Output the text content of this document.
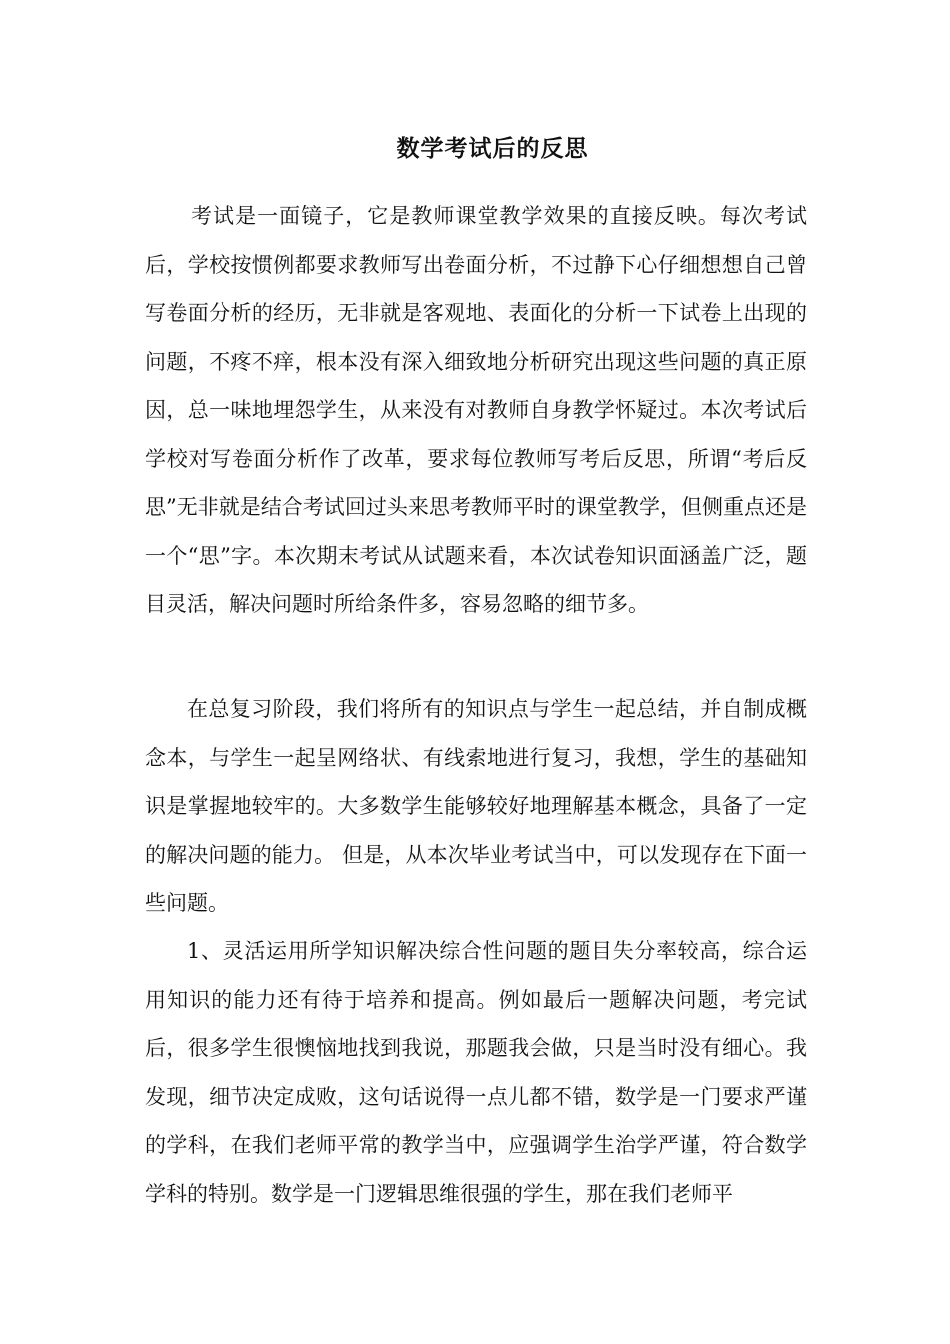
数学考试后的反思

考试是一面镜子，它是教师课堂教学效果的直接反映。每次考试后，学校按惯例都要求教师写出卷面分析，不过静下心仔细想想自己曾写卷面分析的经历，无非就是客观地、表面化的分析一下试卷上出现的问题，不疼不痒，根本没有深入细致地分析研究出现这些问题的真正原因，总一味地埋怨学生，从来没有对教师自身教学怀疑过。本次考试后学校对写卷面分析作了改革，要求每位教师写考后反思，所谓“考后反思”无非就是结合考试回过头来思考教师平时的课堂教学，但侧重点还是一个“思”字。本次期末考试从试题来看，本次试卷知识面涵盖广泛，题目灵活，解决问题时所给条件多，容易忽略的细节多。

在总复习阶段，我们将所有的知识点与学生一起总结，并自制成概念本，与学生一起呈网络状、有线索地进行复习，我想，学生的基础知识是掌握地较牢的。大多数学生能够较好地理解基本概念，具备了一定的解决问题的能力。 但是，从本次毕业考试当中，可以发现存在下面一些问题。

1、灵活运用所学知识解决综合性问题的题目失分率较高，综合运用知识的能力还有待于培养和提高。例如最后一题解决问题，考完试后，很多学生很懊恼地找到我说，那题我会做，只是当时没有细心。我发现，细节决定成败，这句话说得一点儿都不错，数学是一门要求严谨的学科，在我们老师平常的教学当中，应强调学生治学严谨，符合数学学科的特别。数学是一门逻辑思维很强的学生，那在我们老师平
